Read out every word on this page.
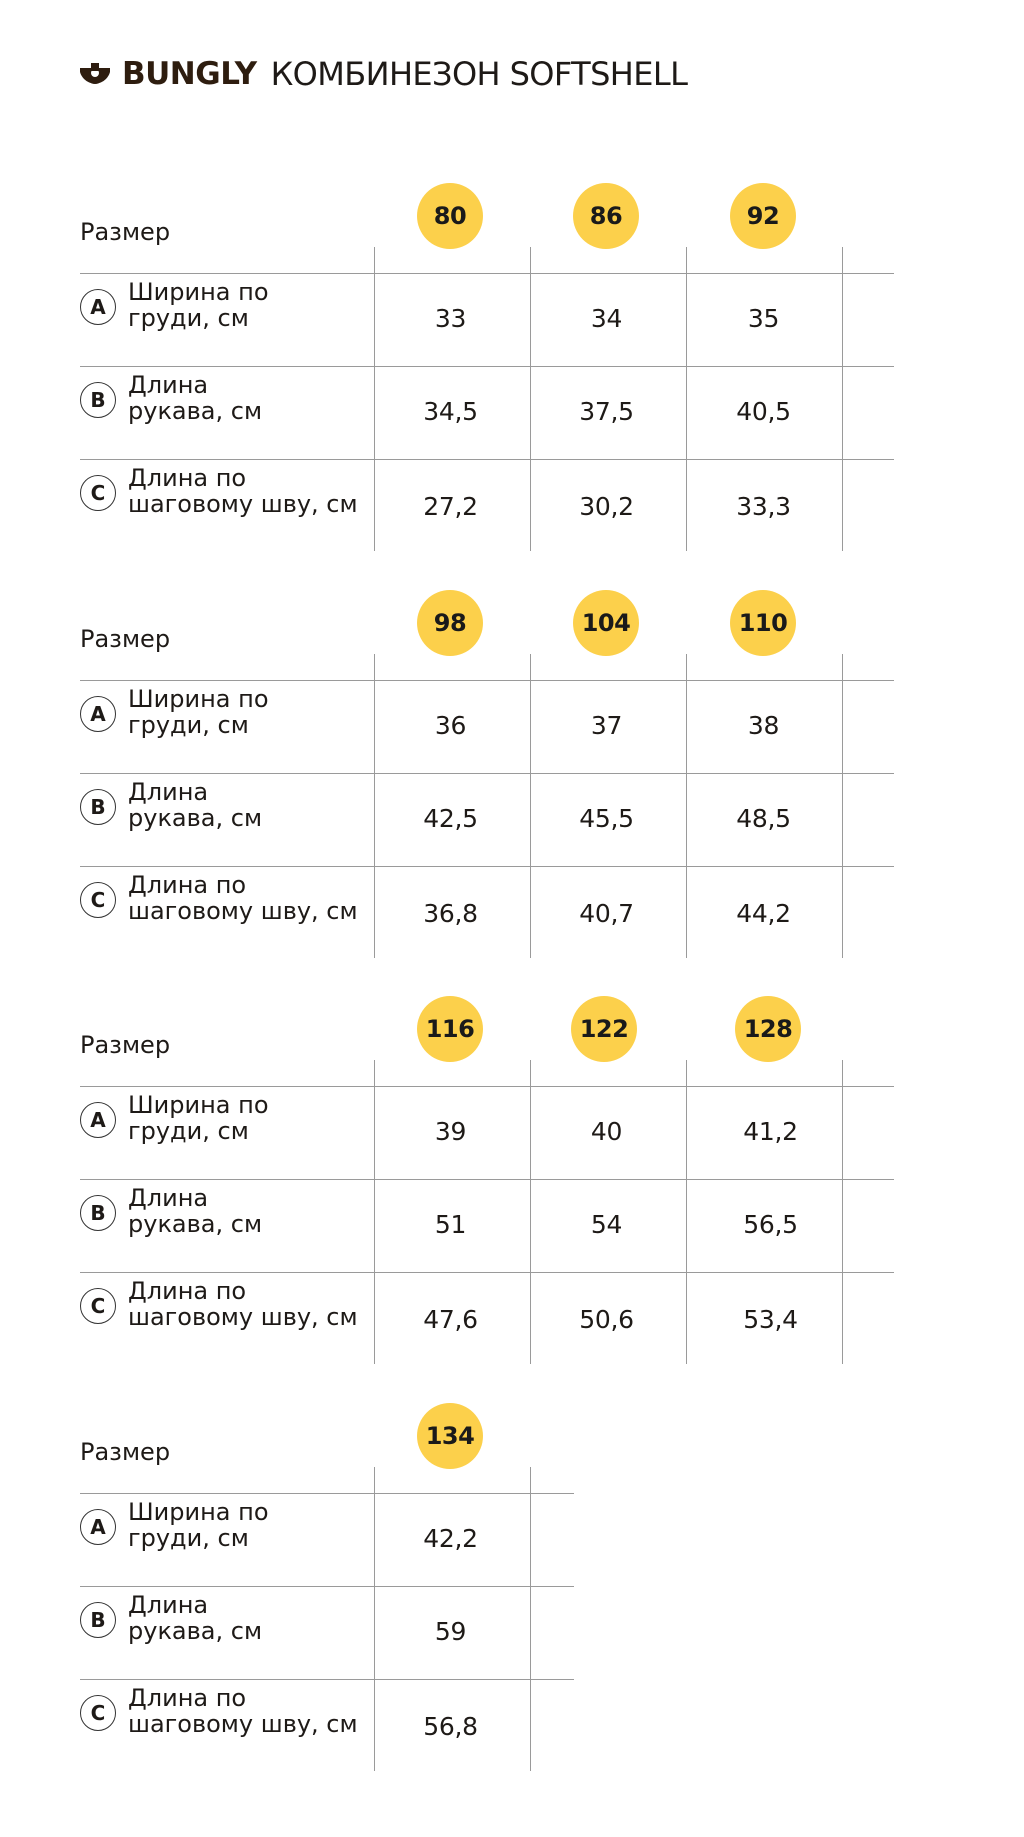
BUNGLY КОМБИНЕЗОН SOFTSHELL
Размер
80	86	92
A
Ширина по
груди, см	33	34	35
B
Длина
рукава, см	34,5	37,5	40,5
C
Длина по
шаговому шву, см	27,2	30,2	33,3
Размер
98	104	110
A
Ширина по
груди, см	36	37	38
B
Длина
рукава, см	42,5	45,5	48,5
C
Длина по
шаговому шву, см	36,8	40,7	44,2
Размер
116	122	128
A
Ширина по
груди, см	39	40	41,2
B
Длина
рукава, см	51	54	56,5
C
Длина по
шаговому шву, см	47,6	50,6	53,4
Размер
134
A
Ширина по
груди, см	42,2
B
Длина
рукава, см	59
C
Длина по
шаговому шву, см	56,8
